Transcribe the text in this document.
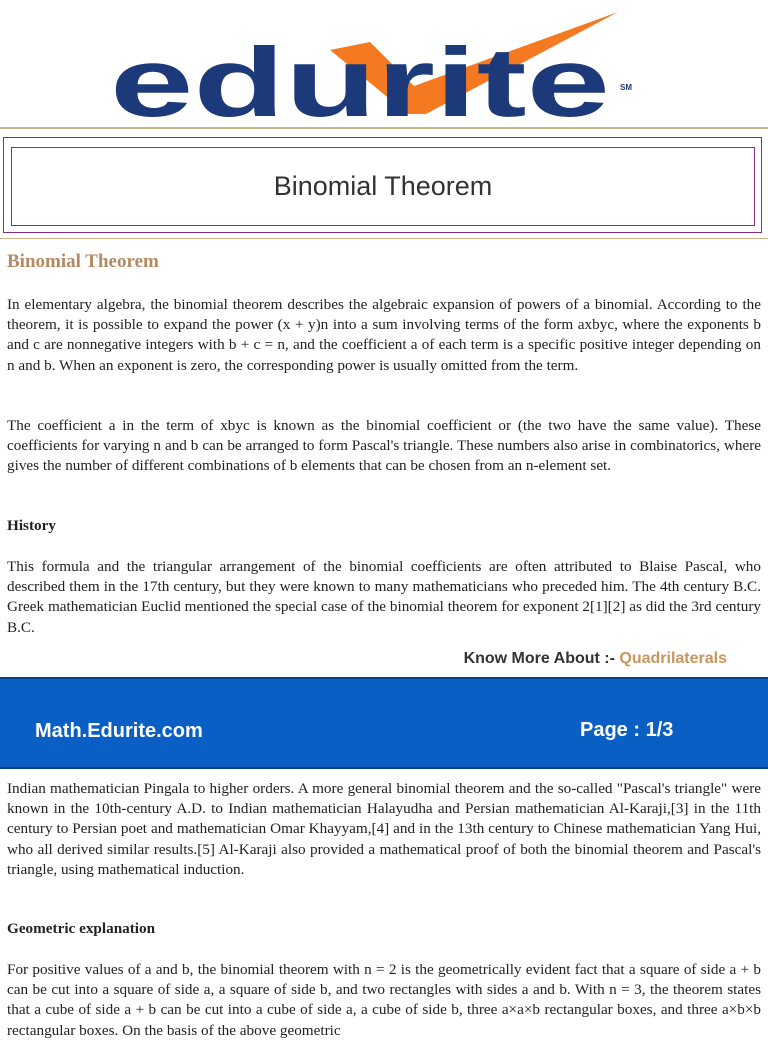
edurite SM
Binomial Theorem
Binomial Theorem

In elementary algebra, the binomial theorem describes the algebraic expansion of powers of a binomial. According to the theorem, it is possible to expand the power (x + y)n into a sum involving terms of the form axbyc, where the exponents b and c are nonnegative integers with b + c = n, and the coefficient a of each term is a specific positive integer depending on n and b. When an exponent is zero, the corresponding power is usually omitted from the term.

The coefficient a in the term of xbyc is known as the binomial coefficient or (the two have the same value). These coefficients for varying n and b can be arranged to form Pascal's triangle. These numbers also arise in combinatorics, where gives the number of different combinations of b elements that can be chosen from an n-element set.

History

This formula and the triangular arrangement of the binomial coefficients are often attributed to Blaise Pascal, who described them in the 17th century, but they were known to many mathematicians who preceded him. The 4th century B.C. Greek mathematician Euclid mentioned the special case of the binomial theorem for exponent 2[1][2] as did the 3rd century B.C.

Know More About :- Quadrilaterals
Math.Edurite.com	Page : 1/3

Indian mathematician Pingala to higher orders. A more general binomial theorem and the so-called "Pascal's triangle" were known in the 10th-century A.D. to Indian mathematician Halayudha and Persian mathematician Al-Karaji,[3] in the 11th century to Persian poet and mathematician Omar Khayyam,[4] and in the 13th century to Chinese mathematician Yang Hui, who all derived similar results.[5] Al-Karaji also provided a mathematical proof of both the binomial theorem and Pascal's triangle, using mathematical induction.

Geometric explanation

For positive values of a and b, the binomial theorem with n = 2 is the geometrically evident fact that a square of side a + b can be cut into a square of side a, a square of side b, and two rectangles with sides a and b. With n = 3, the theorem states that a cube of side a + b can be cut into a cube of side a, a cube of side b, three a×a×b rectangular boxes, and three a×b×b rectangular boxes. On the basis of the above geometric
